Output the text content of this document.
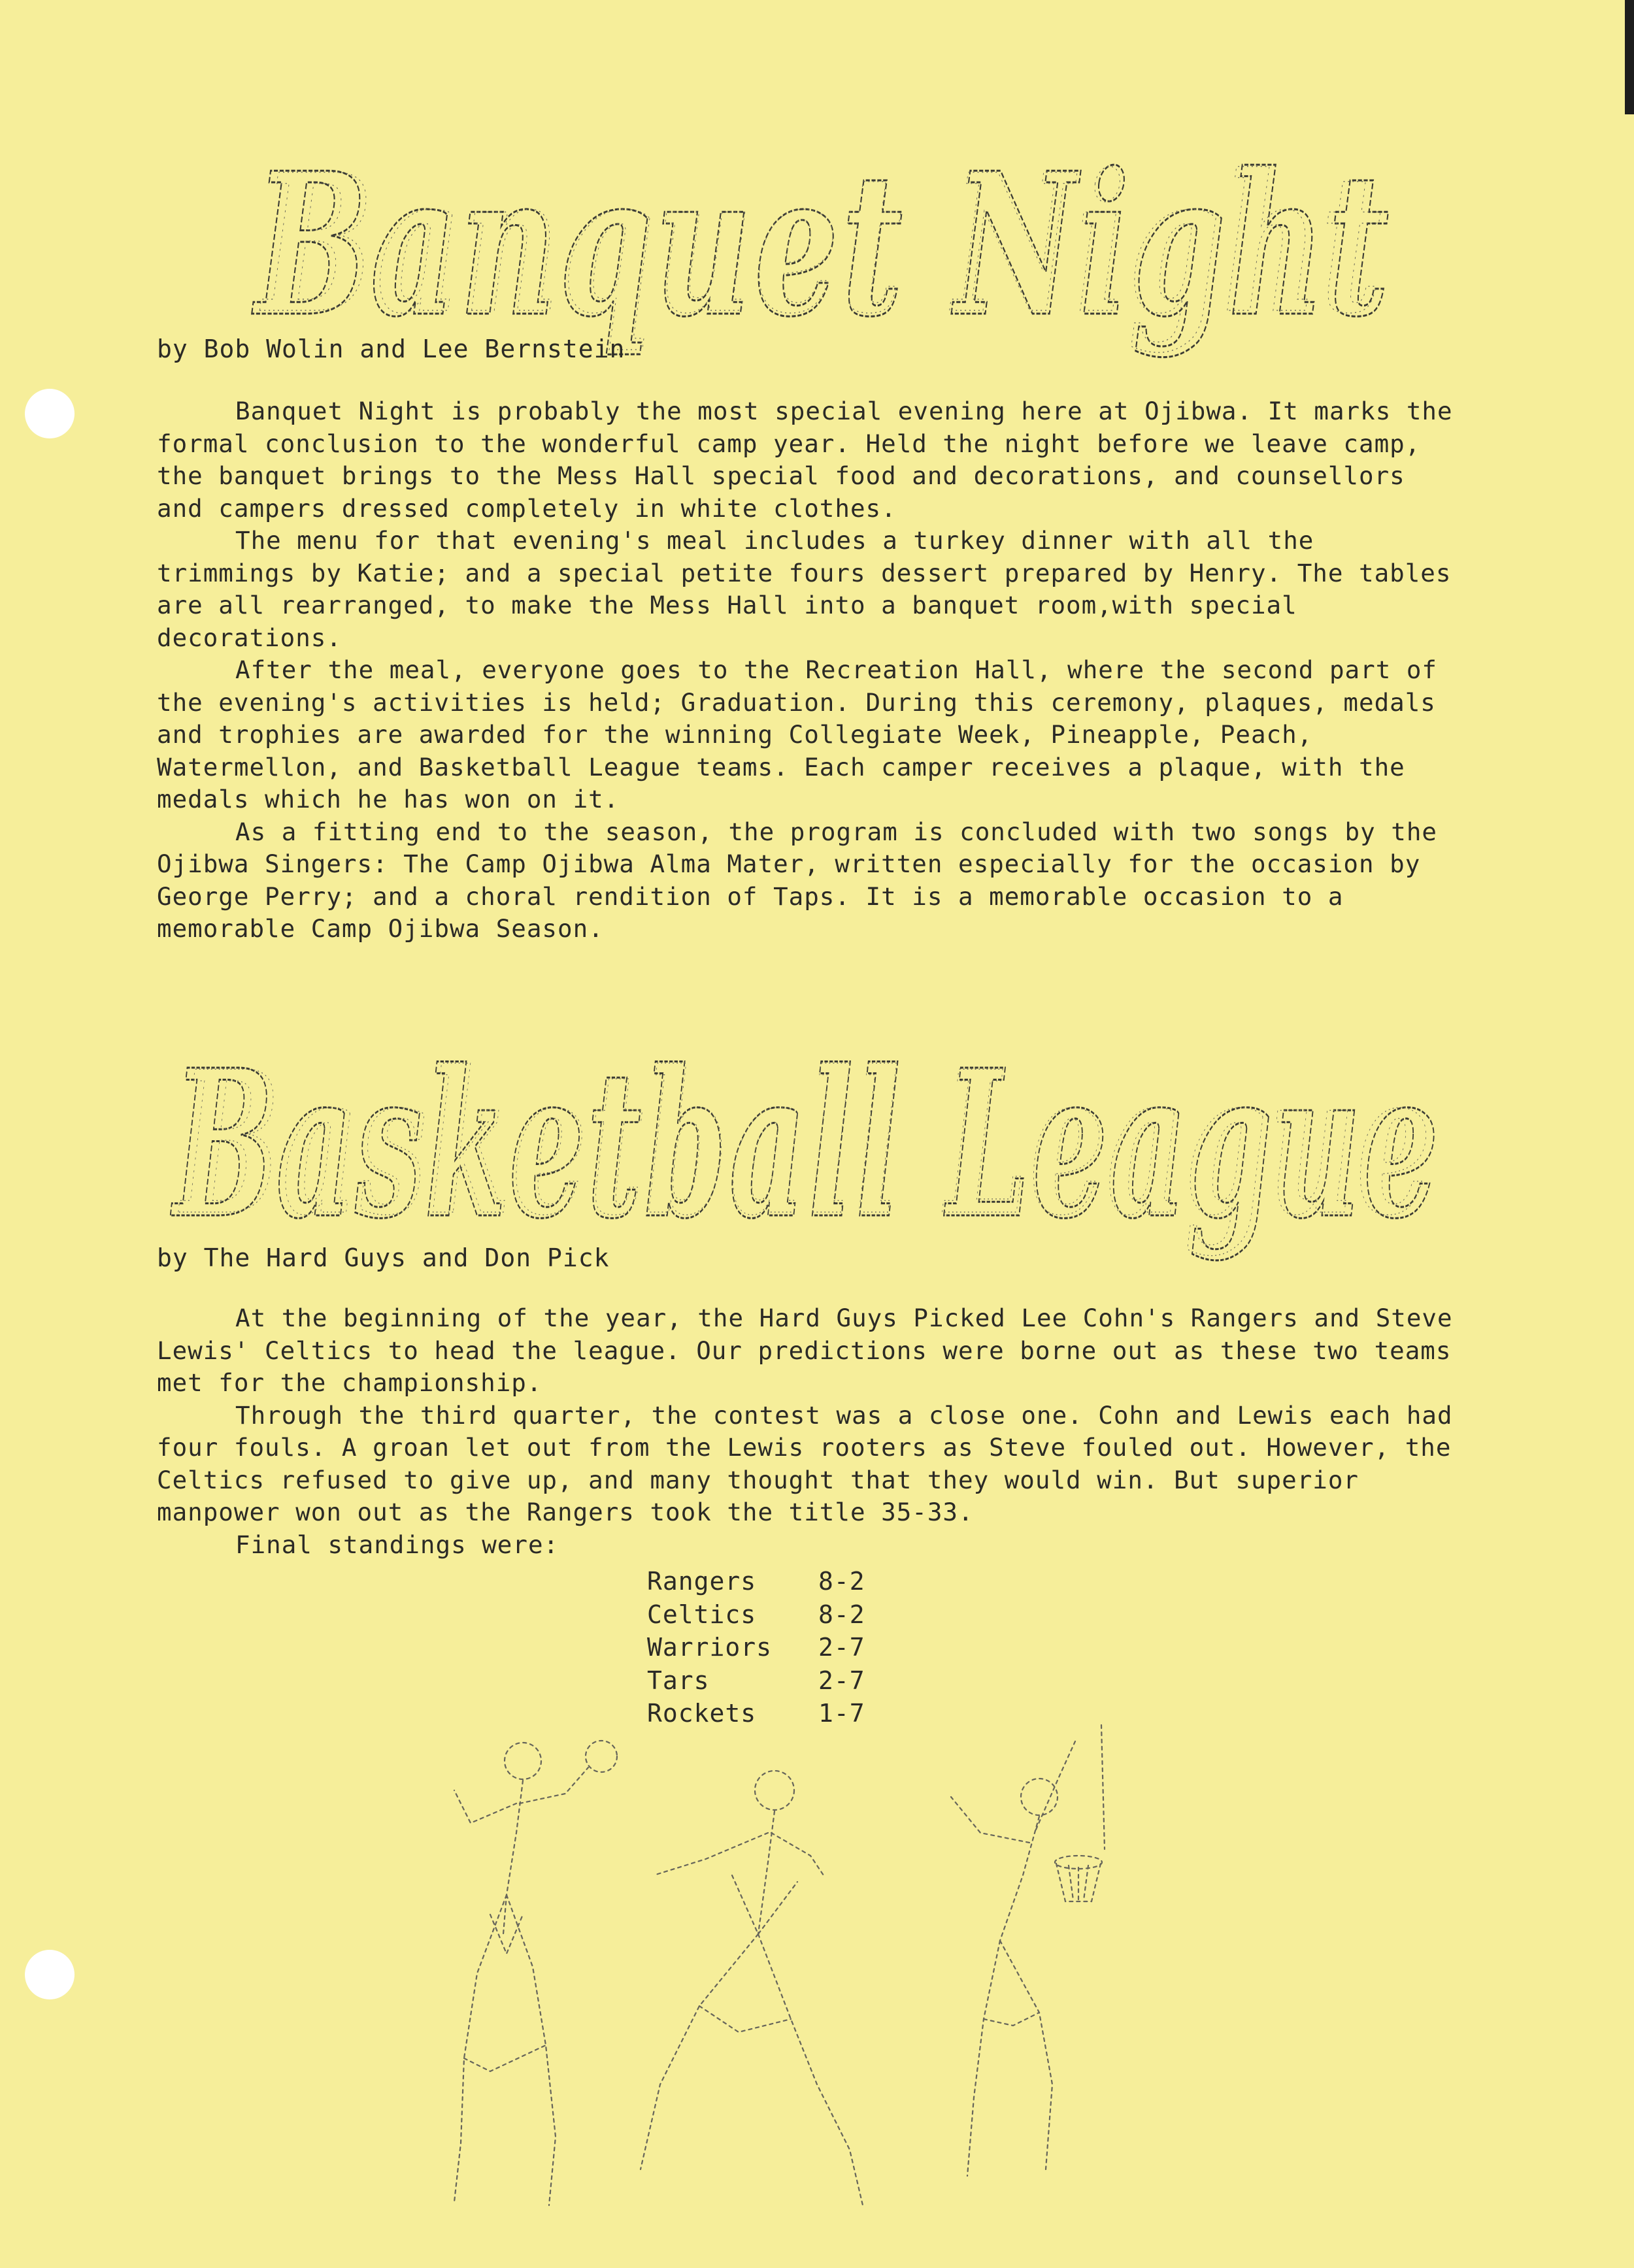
Banquet Night
Banquet Night
by Bob Wolin and Lee Bernstein

Banquet Night is probably the most special evening here at Ojibwa. It marks the formal conclusion to the wonderful camp year. Held the night before we leave camp, the banquet brings to the Mess Hall special food and decorations, and counsellors and campers dressed completely in white clothes.

The menu for that evening's meal includes a turkey dinner with all the trimmings by Katie; and a special petite fours dessert prepared by Henry. The tables are all rearranged, to make the Mess Hall into a banquet room,with special decorations.

After the meal, everyone goes to the Recreation Hall, where the second part of the evening's activities is held; Graduation. During this ceremony, plaques, medals and trophies are awarded for the winning Collegiate Week, Pineapple, Peach, Watermellon, and Basketball League teams. Each camper receives a plaque, with the medals which he has won on it.

As a fitting end to the season, the program is concluded with two songs by the Ojibwa Singers: The Camp Ojibwa Alma Mater, written especially for the occasion by George Perry; and a choral rendition of Taps. It is a memorable occasion to a memorable Camp Ojibwa Season.

Basketball League
Basketball League
by The Hard Guys and Don Pick

At the beginning of the year, the Hard Guys Picked Lee Cohn's Rangers and Steve Lewis' Celtics to head the league. Our predictions were borne out as these two teams met for the championship.

Through the third quarter, the contest was a close one. Cohn and Lewis each had four fouls. A groan let out from the Lewis rooters as Steve fouled out. However, the Celtics refused to give up, and many thought that they would win. But superior manpower won out as the Rangers took the title 35-33.

Final standings were:

Rangers	8-2
Celtics	8-2
Warriors	2-7
Tars	2-7
Rockets	1-7
